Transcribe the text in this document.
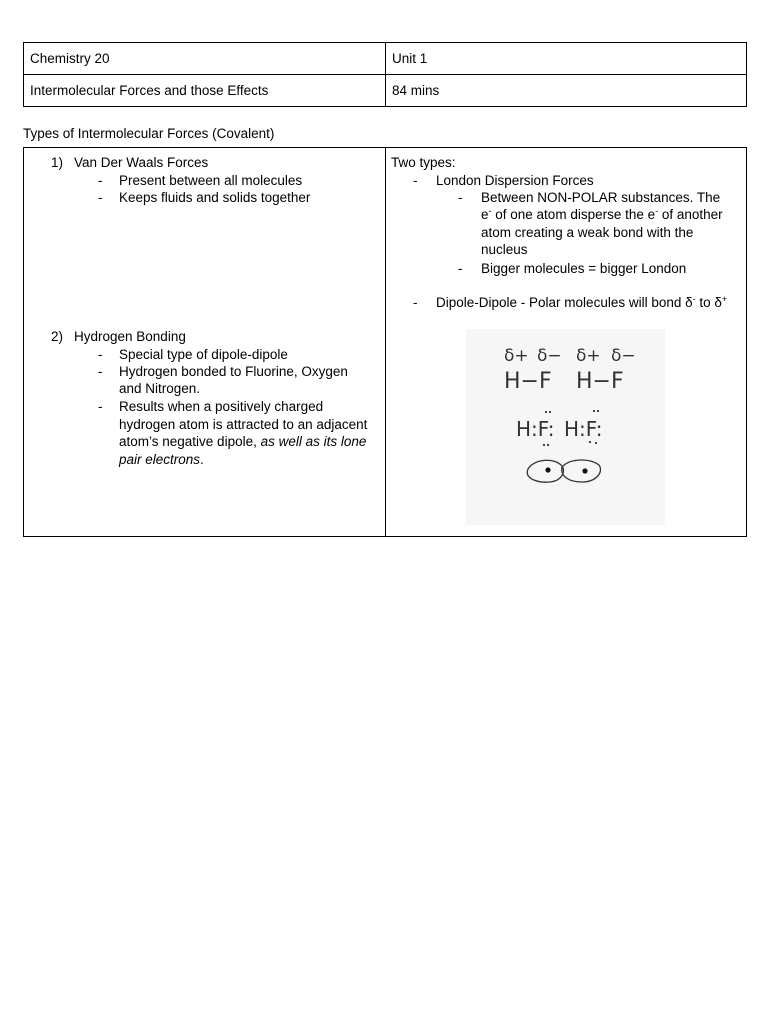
Chemistry 20	Unit 1
Intermolecular Forces and those Effects	84 mins
Types of Intermolecular Forces (Covalent)
1) Van Der Waals Forces
- Present between all molecules
- Keeps fluids and solids together
2) Hydrogen Bonding
- Special type of dipole-dipole
- Hydrogen bonded to Fluorine, Oxygen
and Nitrogen.
- Results when a positively charged
hydrogen atom is attracted to an adjacent
atom’s negative dipole, as well as its lone
pair electrons.

Two types:
- London Dispersion Forces
- Between NON-POLAR substances. The
e- of one atom disperse the e- of another
atom creating a weak bond with the
nucleus
- Bigger molecules = bigger London
- Dipole-Dipole - Polar molecules will bond δ- to δ+
δ+ δ− δ+ δ−
H−F H−F
H:F: H:F:
